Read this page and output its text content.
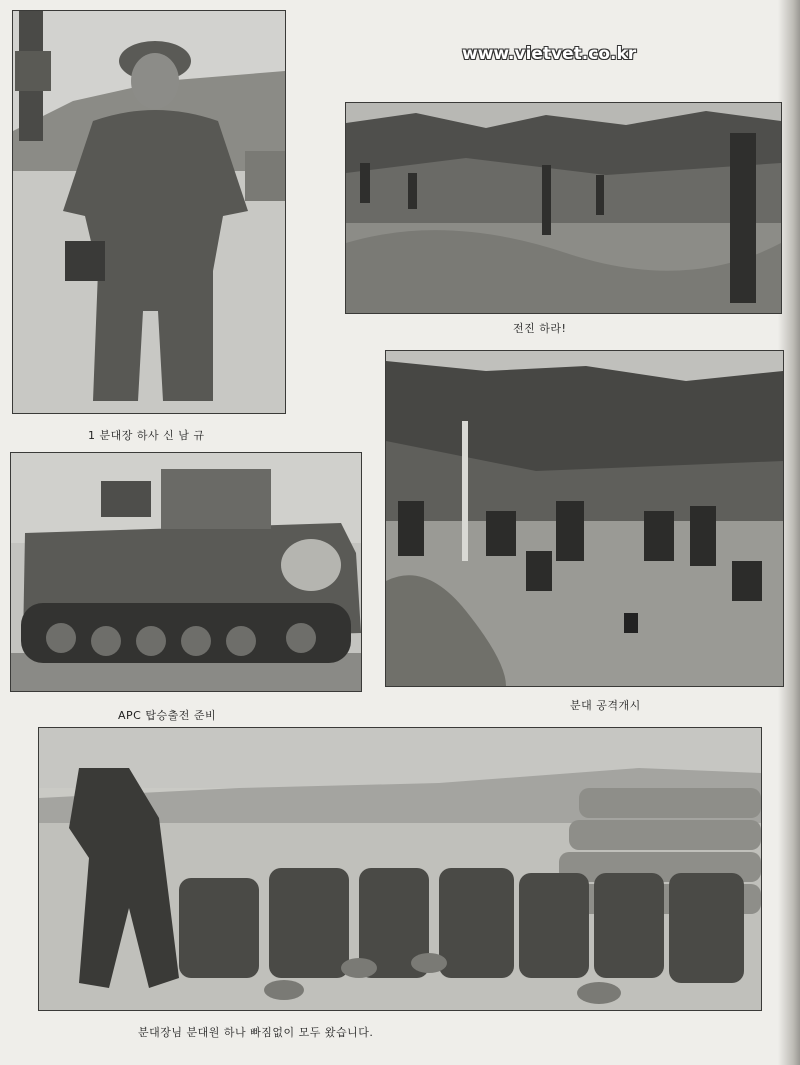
1 분대장 하사 신 남 규
www.vietvet.co.kr
전진 하라!
APC 탑승출전 준비
분대 공격개시
분대장님 분대원 하나 빠짐없이 모두 왔습니다.
